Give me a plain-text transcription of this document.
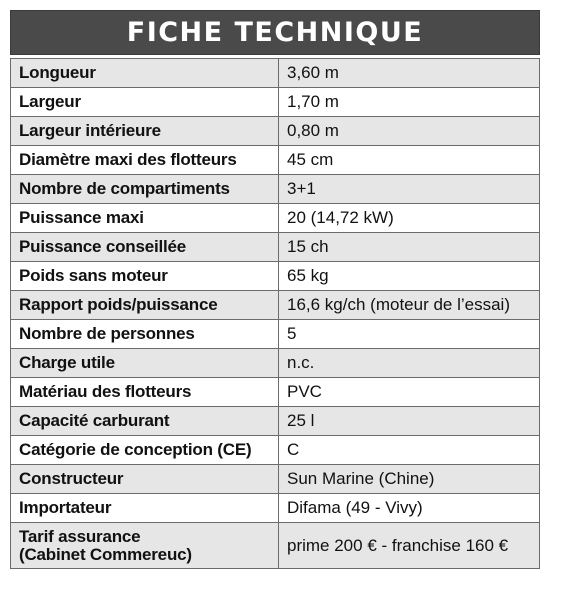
FICHE TECHNIQUE
Longueur	3,60 m
Largeur	1,70 m
Largeur intérieure	0,80 m
Diamètre maxi des flotteurs	45 cm
Nombre de compartiments	3+1
Puissance maxi	20 (14,72 kW)
Puissance conseillée	15 ch
Poids sans moteur	65 kg
Rapport poids/puissance	16,6 kg/ch (moteur de l’essai)
Nombre de personnes	5
Charge utile	n.c.
Matériau des flotteurs	PVC
Capacité carburant	25 l
Catégorie de conception (CE)	C
Constructeur	Sun Marine (Chine)
Importateur	Difama (49 - Vivy)

Tarif assurance
(Cabinet Commereuc)	prime 200 € - franchise 160 €
